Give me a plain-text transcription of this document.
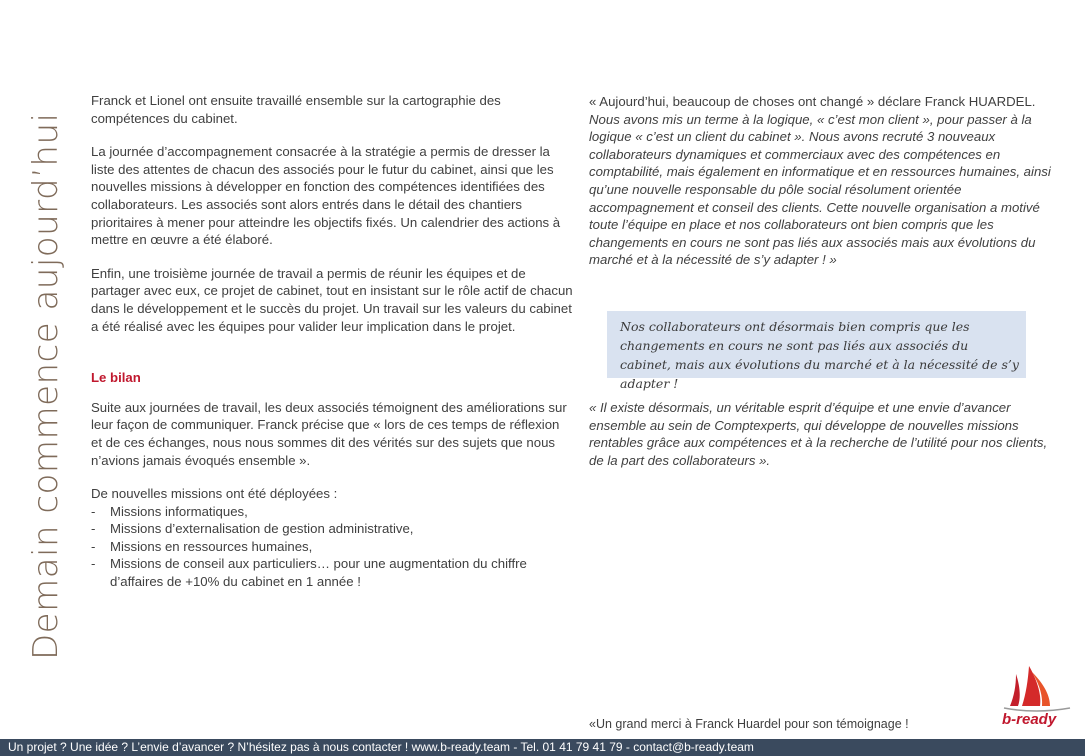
Demain commence aujourd’hui

Franck et Lionel ont ensuite travaillé ensemble sur la cartographie des compétences du cabinet.

La journée d’accompagnement consacrée à la stratégie a permis de dresser la liste des attentes de chacun des associés pour le futur du cabinet, ainsi que les nouvelles missions à développer en fonction des compétences identifiées des collaborateurs. Les associés sont alors entrés dans le détail des chantiers prioritaires à mener pour atteindre les objectifs fixés. Un calendrier des actions à mettre en œuvre a été élaboré.

Enfin, une troisième journée de travail a permis de réunir les équipes et de partager avec eux, ce projet de cabinet, tout en insistant sur le rôle actif de chacun dans le développement et le succès du projet. Un travail sur les valeurs du cabinet a été réalisé avec les équipes pour valider leur implication dans le projet.

Le bilan

Suite aux journées de travail, les deux associés témoignent des améliorations sur leur façon de communiquer. Franck précise que « lors de ces temps de réflexion et de ces échanges, nous nous sommes dit des vérités sur des sujets que nous n’avions jamais évoqués ensemble ».

De nouvelles missions ont été déployées :

- Missions informatiques,
- Missions d’externalisation de gestion administrative,
- Missions en ressources humaines,
- Missions de conseil aux particuliers… pour une augmentation du chiffre d’affaires de +10% du cabinet en 1 année !

« Aujourd’hui, beaucoup de choses ont changé » déclare Franck HUARDEL. Nous avons mis un terme à la logique, « c’est mon client », pour passer à la logique « c’est un client du cabinet ». Nous avons recruté 3 nouveaux collaborateurs dynamiques et commerciaux avec des compétences en comptabilité, mais également en informatique et en ressources humaines, ainsi qu’une nouvelle responsable du pôle social résolument orientée accompagnement et conseil des clients. Cette nouvelle organisation a motivé toute l’équipe en place et nos collaborateurs ont bien compris que les changements en cours ne sont pas liés aux associés mais aux évolutions du marché et à la nécessité de s’y adapter ! »

Nos collaborateurs ont désormais bien compris que les changements en cours ne sont pas liés aux associés du cabinet, mais aux évolutions du marché et à la nécessité de s’y adapter !

« Il existe désormais, un véritable esprit d’équipe et une envie d’avancer ensemble au sein de Comptexperts, qui développe de nouvelles missions rentables grâce aux compétences et à la recherche de l’utilité pour nos clients, de la part des collaborateurs ».

«Un grand merci à Franck Huardel pour son témoignage !	b-ready
Un projet ? Une idée ? L’envie d’avancer ? N’hésitez pas à nous contacter ! www.b-ready.team - Tel. 01 41 79 41 79 - contact@b-ready.team
